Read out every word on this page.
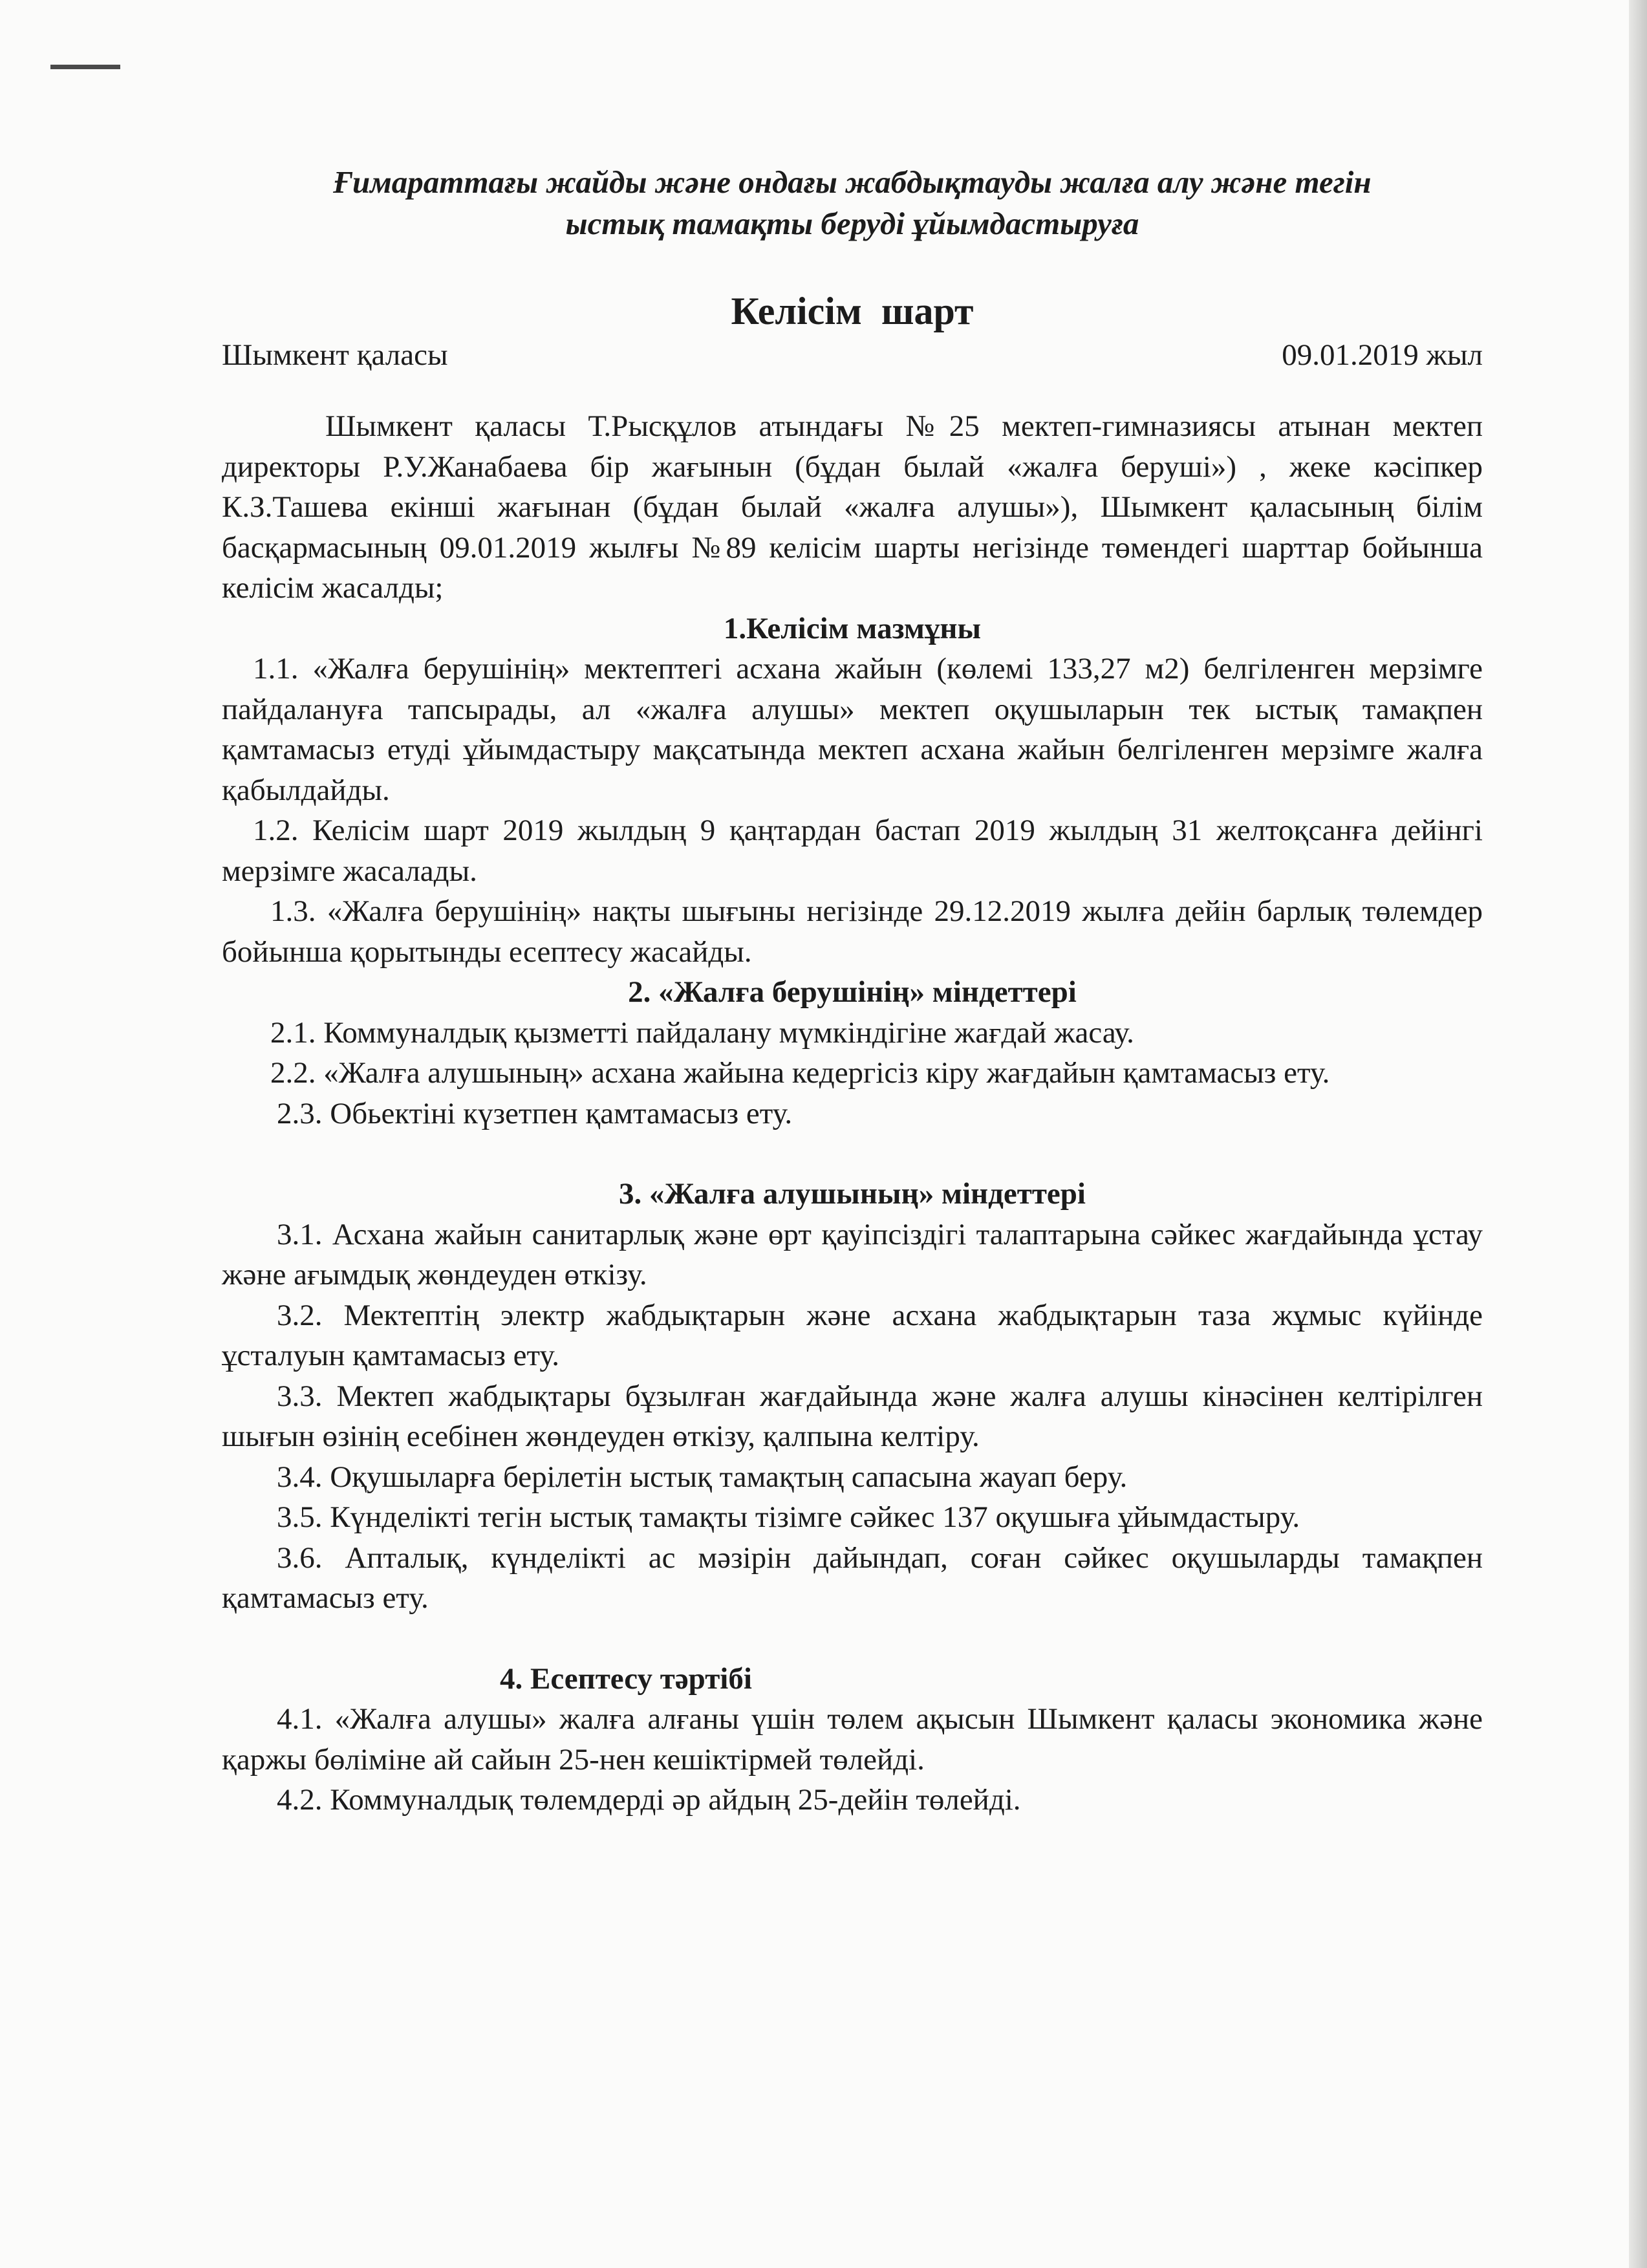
Ғимараттағы жайды және ондағы жабдықтауды жалға алу және тегін
ыстық тамақты беруді ұйымдастыруға
Келісім  шарт
Шымкент қаласы	09.01.2019 жыл

Шымкент қаласы Т.Рысқұлов атындағы №25 мектеп-гимназиясы атынан мектеп директоры Р.У.Жанабаева бір жағынын (бұдан былай «жалға беруші») , жеке кәсіпкер К.З.Ташева екінші жағынан (бұдан былай «жалға алушы»), Шымкент қаласының білім басқармасының 09.01.2019 жылғы №89 келісім шарты негізінде төмендегі шарттар бойынша келісім жасалды;

1.Келісім мазмұны

1.1. «Жалға берушінің» мектептегі асхана жайын (көлемі 133,27 м2) белгіленген мерзімге пайдалануға тапсырады, ал «жалға алушы» мектеп оқушыларын тек ыстық тамақпен қамтамасыз етуді ұйымдастыру мақсатында мектеп асхана жайын белгіленген мерзімге жалға қабылдайды.

1.2. Келісім шарт 2019 жылдың 9 қаңтардан бастап 2019 жылдың 31 желтоқсанға дейінгі мерзімге жасалады.

1.3. «Жалға берушінің» нақты шығыны негізінде 29.12.2019 жылға дейін барлық төлемдер бойынша қорытынды есептесу жасайды.

2. «Жалға берушінің» міндеттері

2.1. Коммуналдық қызметті пайдалану мүмкіндігіне жағдай жасау.

2.2. «Жалға алушының» асхана жайына кедергісіз кіру жағдайын қамтамасыз ету.

2.3. Обьектіні күзетпен қамтамасыз ету.

3. «Жалға алушының» міндеттері

3.1. Асхана жайын санитарлық және өрт қауіпсіздігі талаптарына сәйкес жағдайында ұстау және ағымдық жөндеуден өткізу.

3.2. Мектептің электр жабдықтарын және асхана жабдықтарын таза жұмыс күйінде ұсталуын қамтамасыз ету.

3.3. Мектеп жабдықтары бұзылған жағдайында және жалға алушы кінәсінен келтірілген шығын өзінің есебінен жөндеуден өткізу, қалпына келтіру.

3.4. Оқушыларға берілетін ыстық тамақтың сапасына жауап беру.

3.5. Күнделікті тегін ыстық тамақты тізімге сәйкес 137 оқушыға ұйымдастыру.

3.6. Апталық, күнделікті ас мәзірін дайындап, соған сәйкес оқушыларды тамақпен қамтамасыз ету.

4. Есептесу тәртібі

4.1. «Жалға алушы» жалға алғаны үшін төлем ақысын Шымкент қаласы экономика және қаржы бөліміне ай сайын 25-нен кешіктірмей төлейді.

4.2. Коммуналдық төлемдерді әр айдың 25-дейін төлейді.
